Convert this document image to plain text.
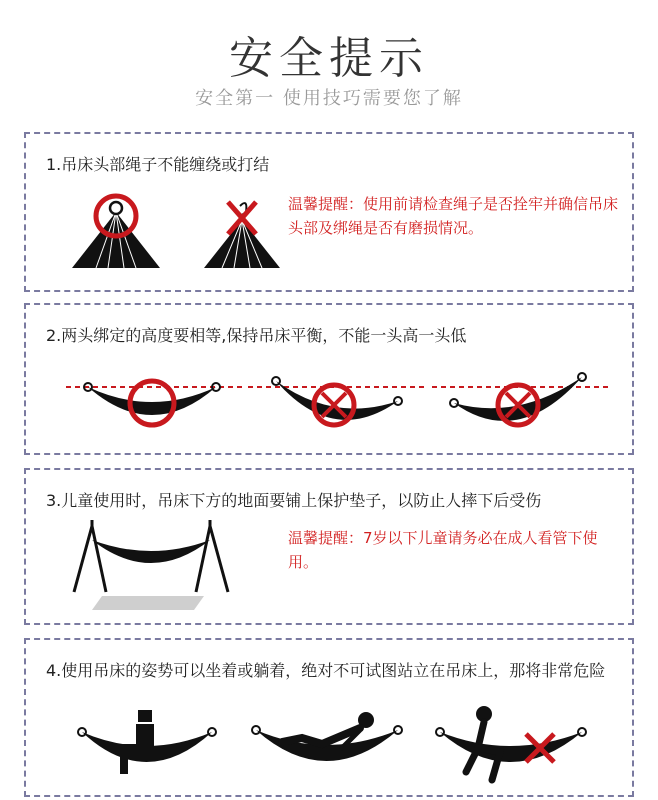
安全提示
安全第一 使用技巧需要您了解
1.吊床头部绳子不能缠绕或打结
温馨提醒：使用前请检查绳子是否拴牢并确信吊床头部及绑绳是否有磨损情况。
2.两头绑定的高度要相等,保持吊床平衡，不能一头高一头低
3.儿童使用时，吊床下方的地面要铺上保护垫子，以防止人摔下后受伤
温馨提醒：7岁以下儿童请务必在成人看管下使用。
4.使用吊床的姿势可以坐着或躺着，绝对不可试图站立在吊床上，那将非常危险
